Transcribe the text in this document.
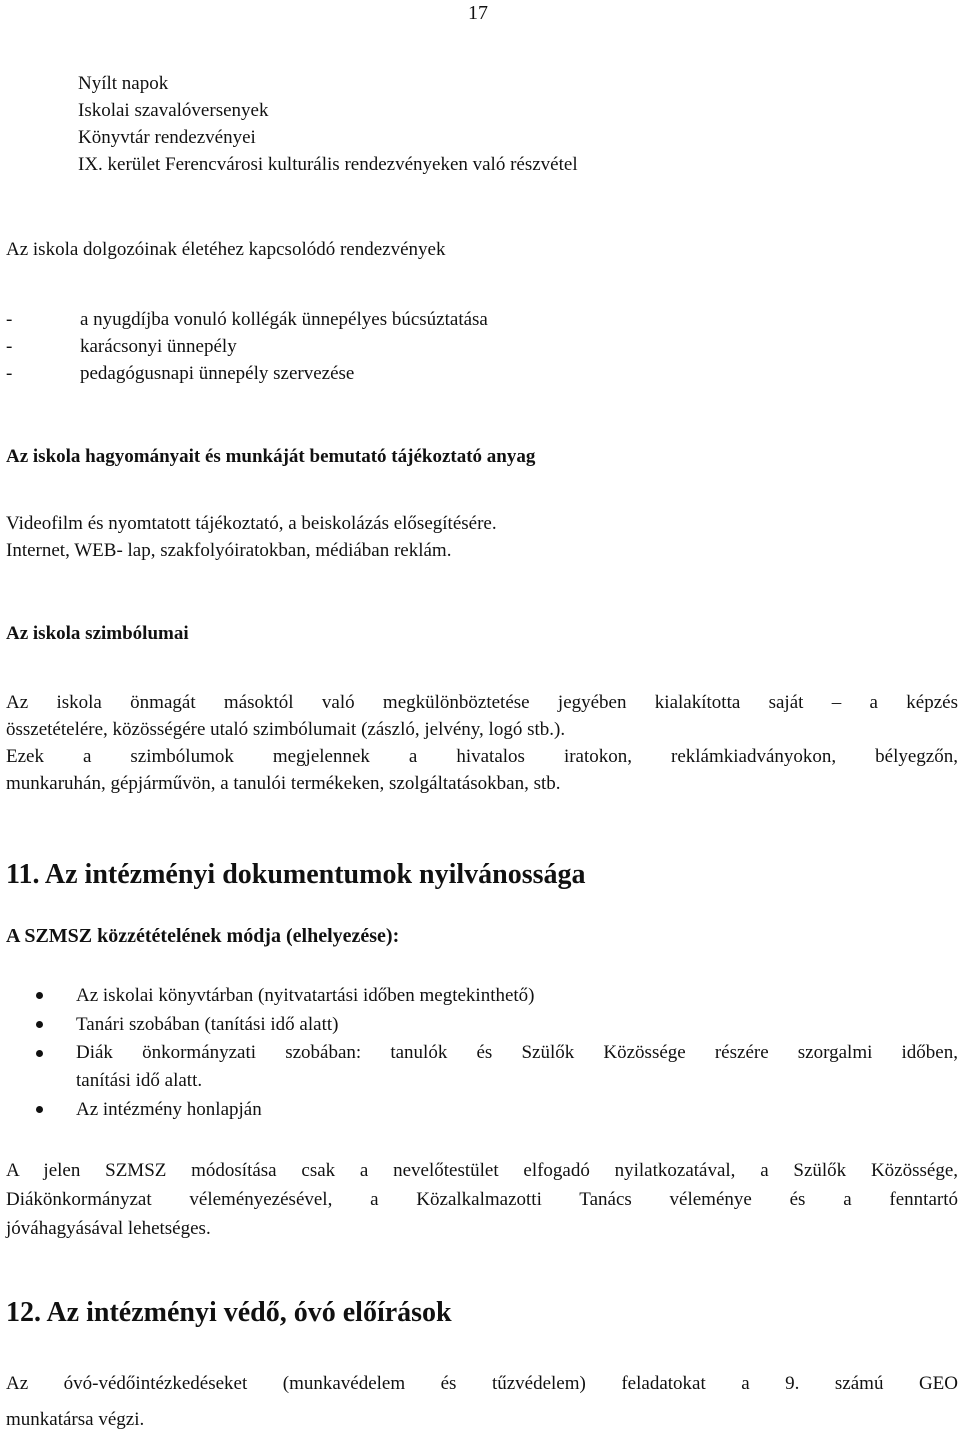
17
Nyílt napok
Iskolai szavalóversenyek
Könyvtár rendezvényei
IX. kerület Ferencvárosi kulturális rendezvényeken való részvétel
Az iskola dolgozóinak életéhez kapcsolódó rendezvények
-	a nyugdíjba vonuló kollégák ünnepélyes búcsúztatása
-	karácsonyi ünnepély
-	pedagógusnapi ünnepély szervezése
Az iskola hagyományait és munkáját bemutató tájékoztató anyag
Videofilm és nyomtatott tájékoztató, a beiskolázás elősegítésére.
Internet, WEB- lap, szakfolyóiratokban, médiában reklám.
Az iskola szimbólumai
Az iskola önmagát másoktól való megkülönböztetése jegyében kialakította saját – a képzés
összetételére, közösségére utaló szimbólumait (zászló, jelvény, logó stb.).
Ezek a szimbólumok megjelennek a hivatalos iratokon, reklámkiadványokon, bélyegzőn,
munkaruhán, gépjárművön, a tanulói termékeken, szolgáltatásokban, stb.
11. Az intézményi dokumentumok nyilvánossága
A SZMSZ közzétételének módja (elhelyezése):
Az iskolai könyvtárban (nyitvatartási időben megtekinthető)
Tanári szobában (tanítási idő alatt)
Diák önkormányzati szobában: tanulók és Szülők Közössége részére szorgalmi időben,
tanítási idő alatt.
Az intézmény honlapján
A jelen SZMSZ módosítása csak a nevelőtestület elfogadó nyilatkozatával, a Szülők Közössége,
Diákönkormányzat véleményezésével, a Közalkalmazotti Tanács véleménye és a fenntartó
jóváhagyásával lehetséges.
12. Az intézményi védő, óvó előírások
Az óvó-védőintézkedéseket (munkavédelem és tűzvédelem) feladatokat a 9. számú GEO
munkatársa végzi.
